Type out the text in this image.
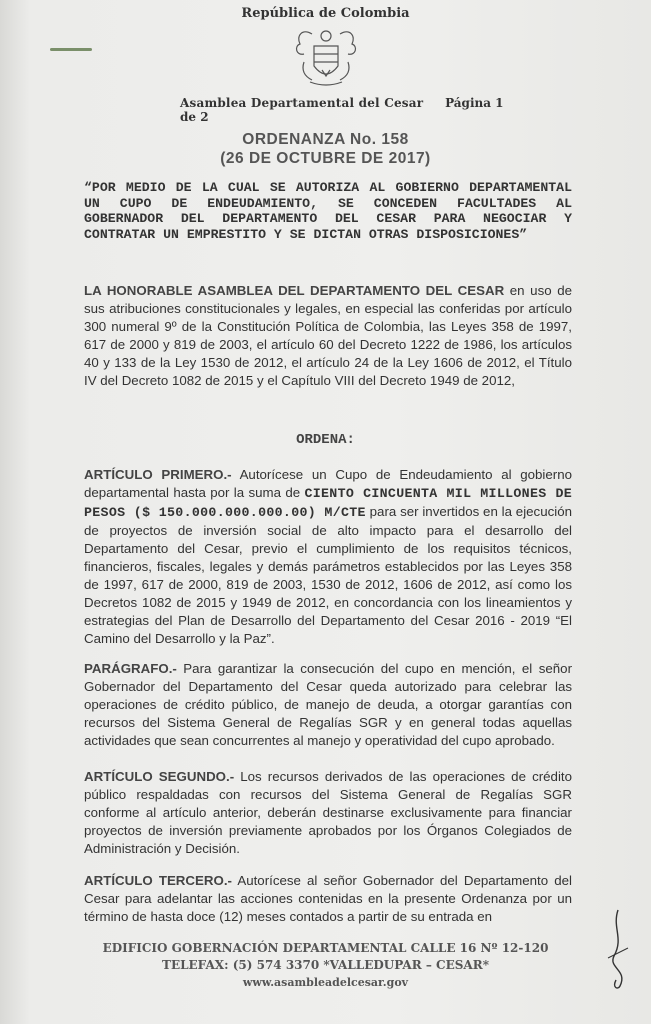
República de Colombia
Asamblea Departamental del Cesar Página 1 de 2
ORDENANZA No. 158
(26 DE OCTUBRE DE 2017)
“POR MEDIO DE LA CUAL SE AUTORIZA AL GOBIERNO DEPARTAMENTAL UN CUPO DE ENDEUDAMIENTO, SE CONCEDEN FACULTADES AL GOBERNADOR DEL DEPARTAMENTO DEL CESAR PARA NEGOCIAR Y CONTRATAR UN EMPRESTITO Y SE DICTAN OTRAS DISPOSICIONES”
LA HONORABLE ASAMBLEA DEL DEPARTAMENTO DEL CESAR en uso de sus atribuciones constitucionales y legales, en especial las conferidas por artículo 300 numeral 9º de la Constitución Política de Colombia, las Leyes 358 de 1997, 617 de 2000 y 819 de 2003, el artículo 60 del Decreto 1222 de 1986, los artículos 40 y 133 de la Ley 1530 de 2012, el artículo 24 de la Ley 1606 de 2012, el Título IV del Decreto 1082 de 2015 y el Capítulo VIII del Decreto 1949 de 2012,
ORDENA:
ARTÍCULO PRIMERO.- Autorícese un Cupo de Endeudamiento al gobierno departamental hasta por la suma de CIENTO CINCUENTA MIL MILLONES DE PESOS ($ 150.000.000.000.00) M/CTE para ser invertidos en la ejecución de proyectos de inversión social de alto impacto para el desarrollo del Departamento del Cesar, previo el cumplimiento de los requisitos técnicos, financieros, fiscales, legales y demás parámetros establecidos por las Leyes 358 de 1997, 617 de 2000, 819 de 2003, 1530 de 2012, 1606 de 2012, así como los Decretos 1082 de 2015 y 1949 de 2012, en concordancia con los lineamientos y estrategias del Plan de Desarrollo del Departamento del Cesar 2016 - 2019 “El Camino del Desarrollo y la Paz”.
PARÁGRAFO.- Para garantizar la consecución del cupo en mención, el señor Gobernador del Departamento del Cesar queda autorizado para celebrar las operaciones de crédito público, de manejo de deuda, a otorgar garantías con recursos del Sistema General de Regalías SGR y en general todas aquellas actividades que sean concurrentes al manejo y operatividad del cupo aprobado.
ARTÍCULO SEGUNDO.- Los recursos derivados de las operaciones de crédito público respaldadas con recursos del Sistema General de Regalías SGR conforme al artículo anterior, deberán destinarse exclusivamente para financiar proyectos de inversión previamente aprobados por los Órganos Colegiados de Administración y Decisión.
ARTÍCULO TERCERO.- Autorícese al señor Gobernador del Departamento del Cesar para adelantar las acciones contenidas en la presente Ordenanza por un término de hasta doce (12) meses contados a partir de su entrada en
EDIFICIO GOBERNACIÓN DEPARTAMENTAL CALLE 16 Nº 12-120
TELEFAX: (5) 574 3370 *VALLEDUPAR – CESAR*
www.asambleadelcesar.gov
